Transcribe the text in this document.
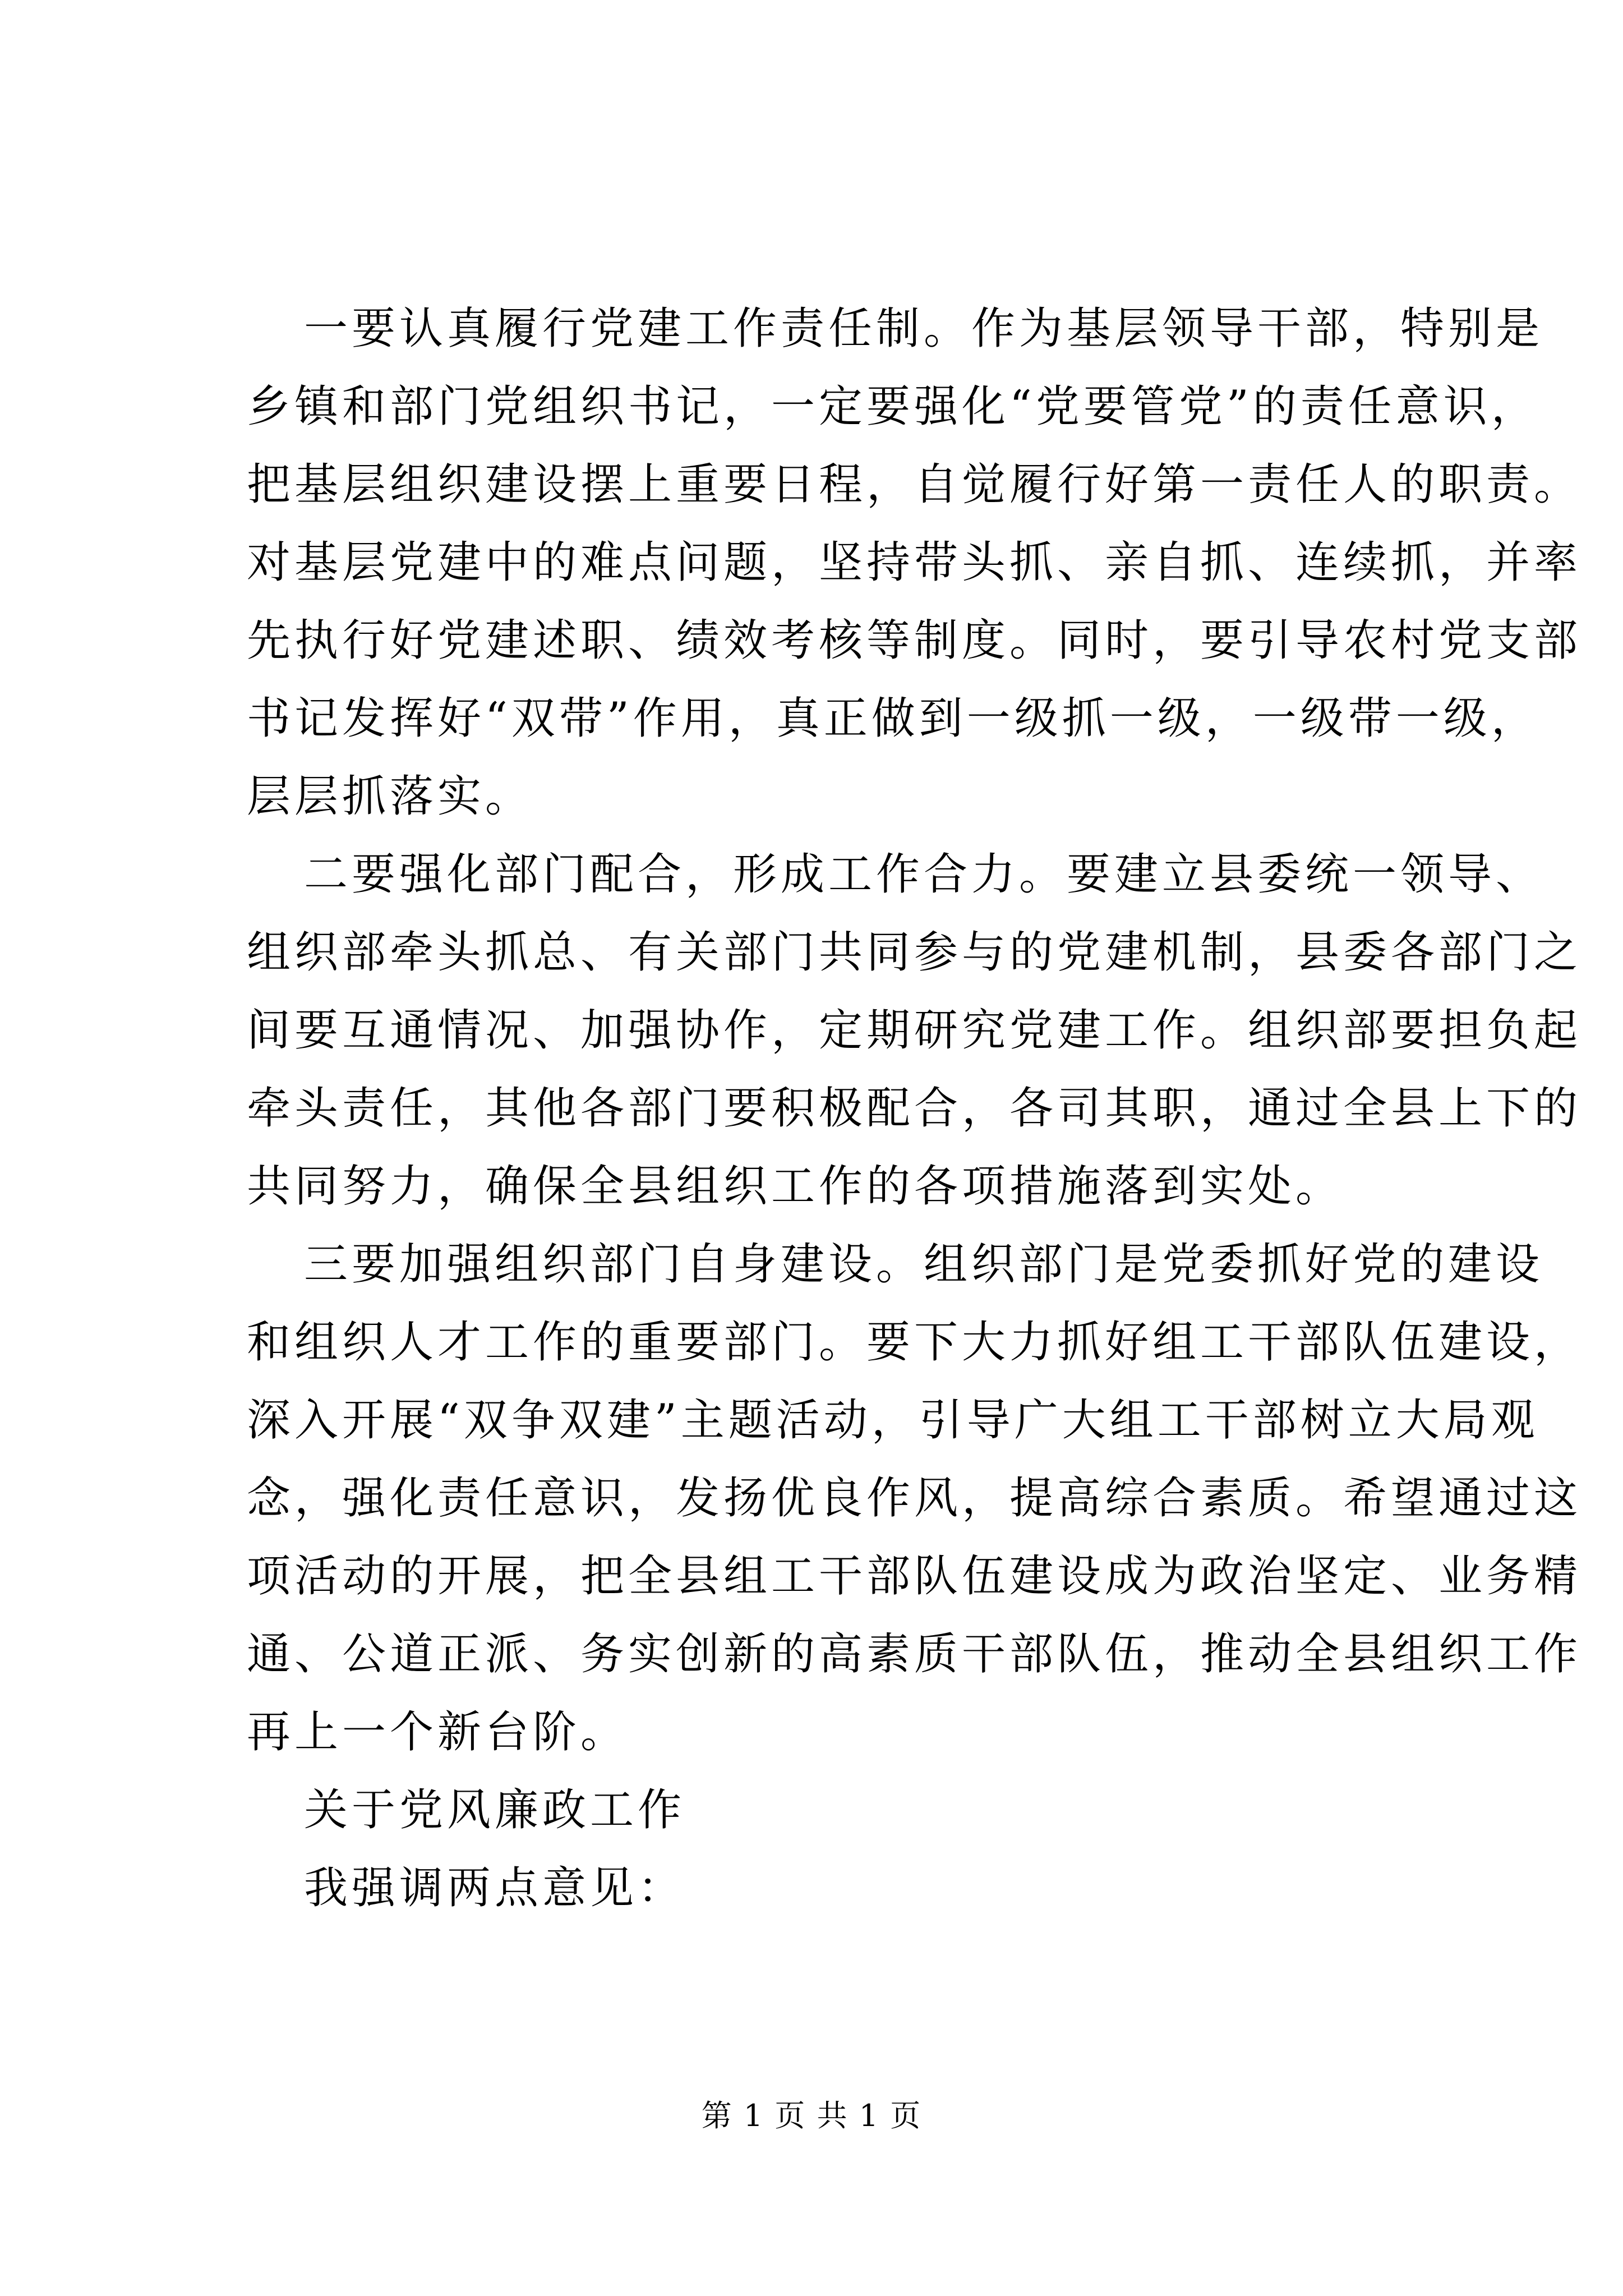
一要认真履行党建工作责任制。作为基层领导干部，特别是
乡镇和部门党组织书记，一定要强化“党要管党”的责任意识，
把基层组织建设摆上重要日程，自觉履行好第一责任人的职责。
对基层党建中的难点问题，坚持带头抓、亲自抓、连续抓，并率
先执行好党建述职、绩效考核等制度。同时，要引导农村党支部
书记发挥好“双带”作用，真正做到一级抓一级，一级带一级，
层层抓落实。
二要强化部门配合，形成工作合力。要建立县委统一领导、
组织部牵头抓总、有关部门共同参与的党建机制，县委各部门之
间要互通情况、加强协作，定期研究党建工作。组织部要担负起
牵头责任，其他各部门要积极配合，各司其职，通过全县上下的
共同努力，确保全县组织工作的各项措施落到实处。
三要加强组织部门自身建设。组织部门是党委抓好党的建设
和组织人才工作的重要部门。要下大力抓好组工干部队伍建设，
深入开展“双争双建”主题活动，引导广大组工干部树立大局观
念，强化责任意识，发扬优良作风，提高综合素质。希望通过这
项活动的开展，把全县组工干部队伍建设成为政治坚定、业务精
通、公道正派、务实创新的高素质干部队伍，推动全县组织工作
再上一个新台阶。
关于党风廉政工作
我强调两点意见：
第 1 页 共 1 页
